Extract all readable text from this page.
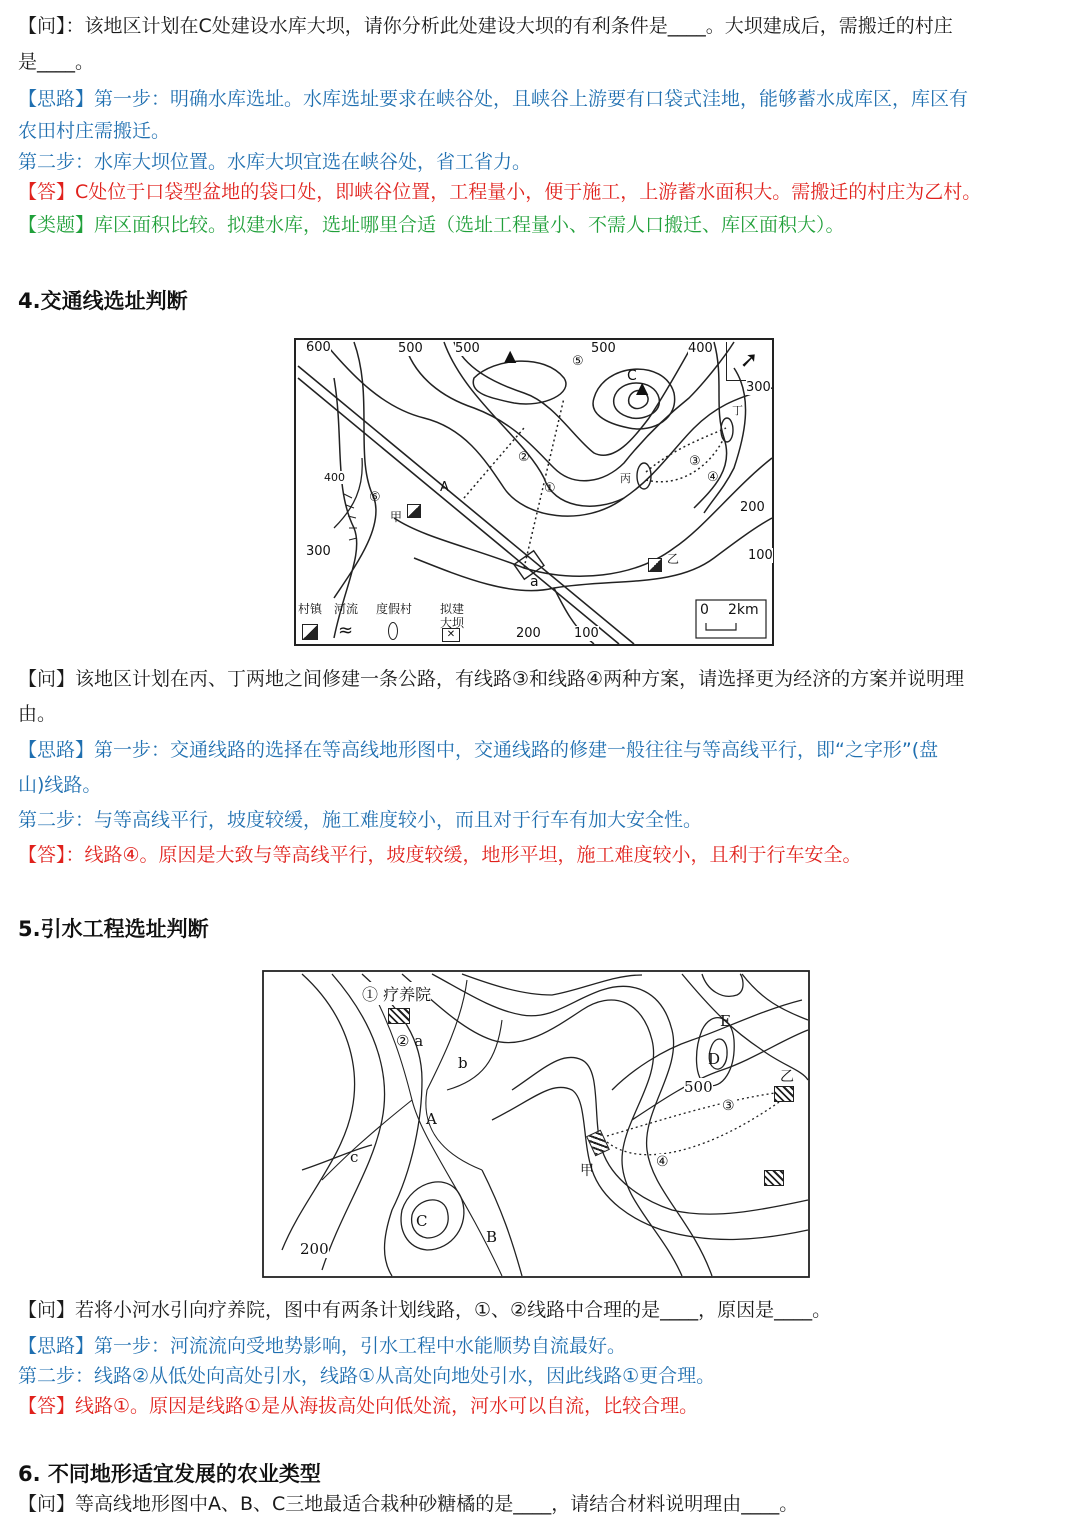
【问】：该地区计划在C处建设水库大坝，请你分析此处建设大坝的有利条件是____。大坝建成后，需搬迁的村庄
是____。
【思路】第一步：明确水库选址。水库选址要求在峡谷处，且峡谷上游要有口袋式洼地，能够蓄水成库区，库区有
农田村庄需搬迁。
第二步：水库大坝位置。水库大坝宜选在峡谷处，省工省力。
【答】C处位于口袋型盆地的袋口处，即峡谷位置，工程量小，便于施工，上游蓄水面积大。需搬迁的村庄为乙村。
【类题】库区面积比较。拟建水库，选址哪里合适（选址工程量小、不需人口搬迁、库区面积大）。
4.交通线选址判断
➚
▲
▲
600	500 500	500	400
300
400
300
200
100
200	100
A
C
甲
乙
丙
丁
a
①
②	③
④
⑤
⑥
村镇 河流 度假村 拟建
大坝
≈	✕
0 2km
【问】该地区计划在丙、丁两地之间修建一条公路，有线路③和线路④两种方案，请选择更为经济的方案并说明理
由。
【思路】第一步：交通线路的选择在等高线地形图中，交通线路的修建一般往往与等高线平行，即“之字形”(盘
山)线路。
第二步：与等高线平行，坡度较缓，施工难度较小，而且对于行车有加大安全性。
【答】：线路④。原因是大致与等高线平行，坡度较缓，地形平坦，施工难度较小，且利于行车安全。
5.引水工程选址判断
① 疗养院
② a
b
A
c
C
B
200
E
D
500
③
乙
④
甲
【问】若将小河水引向疗养院，图中有两条计划线路，①、②线路中合理的是____，原因是____。
【思路】第一步：河流流向受地势影响，引水工程中水能顺势自流最好。
第二步：线路②从低处向高处引水，线路①从高处向地处引水，因此线路①更合理。
【答】线路①。原因是线路①是从海拔高处向低处流，河水可以自流，比较合理。
6. 不同地形适宜发展的农业类型
【问】等高线地形图中A、B、C三地最适合栽种砂糖橘的是____，请结合材料说明理由____。
